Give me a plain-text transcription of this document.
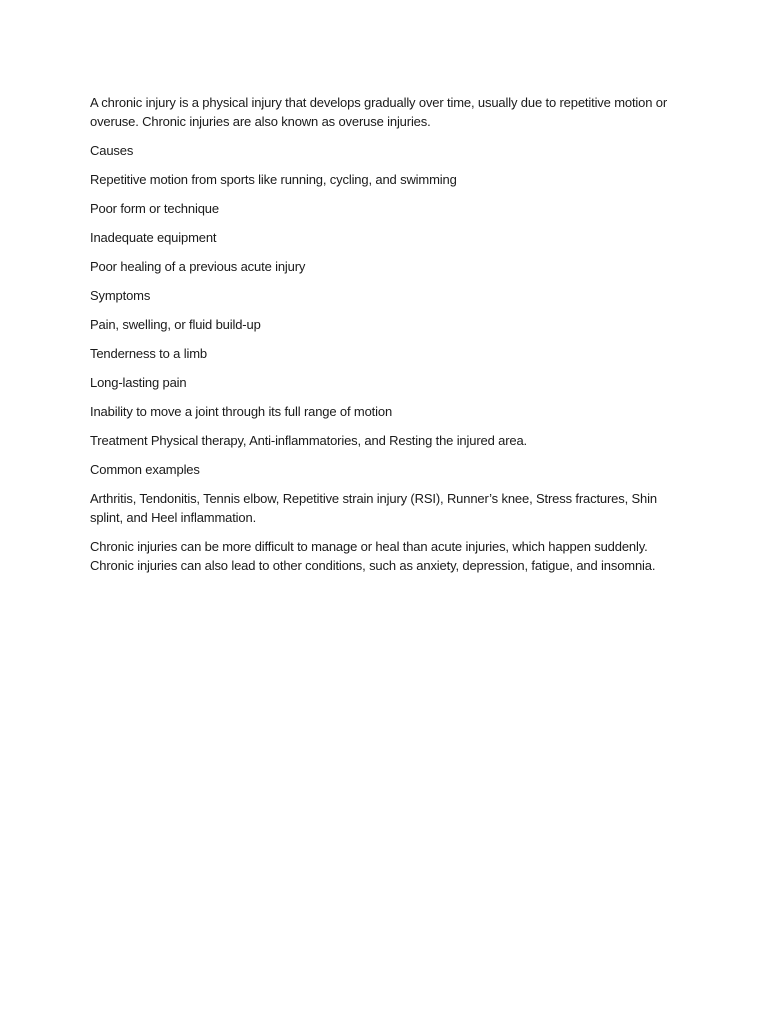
A chronic injury is a physical injury that develops gradually over time, usually due to repetitive motion or overuse. Chronic injuries are also known as overuse injuries.

Causes

Repetitive motion from sports like running, cycling, and swimming

Poor form or technique

Inadequate equipment

Poor healing of a previous acute injury

Symptoms

Pain, swelling, or fluid build-up

Tenderness to a limb

Long-lasting pain

Inability to move a joint through its full range of motion

Treatment Physical therapy, Anti-inflammatories, and Resting the injured area.

Common examples

Arthritis, Tendonitis, Tennis elbow, Repetitive strain injury (RSI), Runner’s knee, Stress fractures, Shin splint, and Heel inflammation.

Chronic injuries can be more difficult to manage or heal than acute injuries, which happen suddenly. Chronic injuries can also lead to other conditions, such as anxiety, depression, fatigue, and insomnia.
